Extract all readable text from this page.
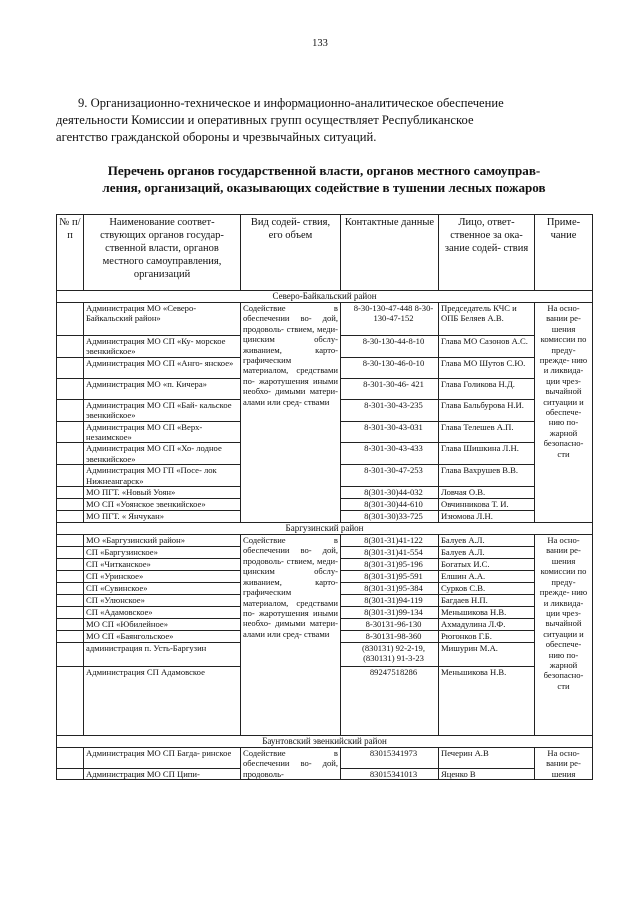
133
9. Организационно-техническое и информационно-аналитическое обеспечение
деятельности Комиссии и оперативных групп осуществляет Республиканское
агентство гражданской обороны и чрезвычайных ситуаций.
Перечень органов государственной власти, органов местного самоуправ-
ления, организаций, оказывающих содействие в тушении лесных пожаров
№ п/п	Наименование соответ- ствующих органов государ- ственной власти, органов местного самоуправления, организаций	Вид содей- ствия, его объем	Контактные данные	Лицо, ответ- ственное за ока- зание содей- ствия	Приме- чание
Северо-Байкальский район					
	Администрация МО «Северо-Байкальский район»	Содействие в обеспечении во- дой, продоволь- ствием, меди- цинским обслу- живанием, карто- графическим материалом, средствами по- жаротушения иными необхо- димыми матери- алами или сред- ствами	8-30-130-47-448 8-30-130-47-152	Председатель КЧС и ОПБ Беляев А.В.	На осно- вании ре- шения комиссии по преду- прежде- нию и ликвида- ции чрез- вычайной ситуации и обеспече- нию по- жарной безопасно- сти
	Администрация МО СП «Ку- морское эвенкийское»		8-30-130-44-8-10	Глава МО Сазонов А.С.	
	Администрация МО СП «Анго- янское»		8-30-130-46-0-10	Глава МО Шутов С.Ю.	
	Администрация МО «п. Кичера»		8-301-30-46- 421	Глава Голикова Н.Д.	
	Администрация МО СП «Бай- кальское эвенкийское»		8-301-30-43-235	Глава Бальбурова Н.И.	
	Администрация МО СП «Верх- незаимское»		8-301-30-43-031	Глава Телешев А.П.	
	Администрация МО СП «Хо- лодное эвенкийское»		8-301-30-43-433	Глава Шишкина Л.Н.	
	Администрация МО ГП «Посе- лок Нижнеангарск»		8-301-30-47-253	Глава Вахрушев В.В.	
	МО ПГТ. «Новый Уоян»		8(301-30)44-032	Ловчая О.В.	
	МО СП «Уоянское эвенкийское»		8(301-30)44-610	Овчинникова Т. И.	
	МО ПГТ. « Янчукан»		8(301-30)33-725	Изюмова Л.Н.	
Баргузинский район					
	МО «Баргузинский район»	Содействие в обеспечении во- дой, продоволь- ствием, меди- цинским обслу- живанием, карто- графическим материалом, средствами по- жаротушения иными необхо- димыми матери- алами или сред- ствами	8(301-31)41-122	Балуев А.Л.	На осно- вании ре- шения комиссии по преду- прежде- нию и ликвида- ции чрез- вычайной ситуации и обеспече- нию по- жарной безопасно- сти
	СП «Баргузинское»		8(301-31)41-554	Балуев А.Л.	
	СП «Читканское»		8(301-31)95-196	Богатых И.С.	
	СП «Уринское»		8(301-31)95-591	Елшин А.А.	
	СП «Сувинское»		8(301-31)95-384	Сурков С.В.	
	СП «Улюнское»		8(301-31)94-119	Багдаев Н.П.	
	СП «Адамовское»		8(301-31)99-134	Меньшикова Н.В.	
	МО СП «Юбилейное»		8-30131-96-130	Ахмадулина Л.Ф.	
	МО СП «Баянгольское»		8-30131-98-360	Рюгонков Г.Б.	
	администрация п. Усть-Баргузин		(830131) 92-2-19, (830131) 91-3-23	Мишурин М.А.	
	Администрация СП Адамовское		89247518286	Меньшикова Н.В.	
Баунтовский эвенкийский район					
	Администрация МО СП Багда- ринское	Содействие в обеспечении во- дой, продоволь-	83015341973	Печерин А.В	На осно- вании ре- шения
	Администрация МО СП Ципи-		83015341013	Яценко В	
